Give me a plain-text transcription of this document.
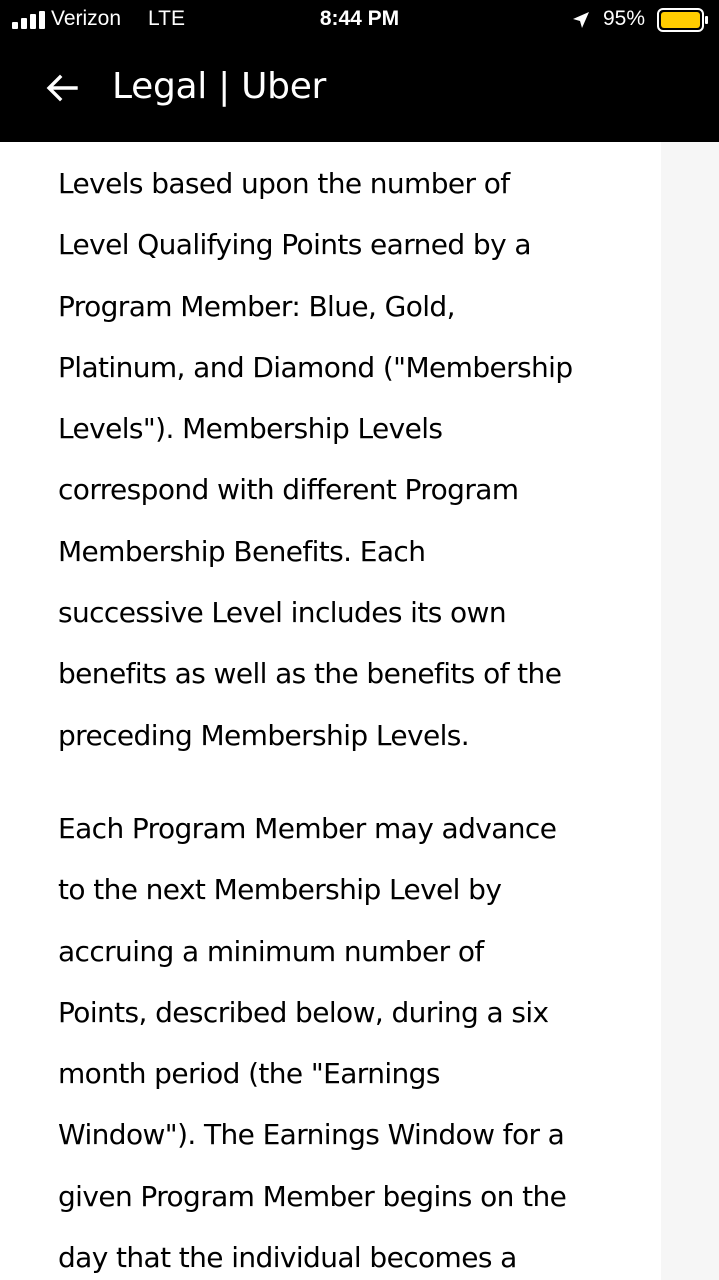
Verizon LTE	8:44 PM	95%
Legal | Uber

Levels based upon the number of
Level Qualifying Points earned by a
Program Member: Blue, Gold,
Platinum, and Diamond ("Membership
Levels"). Membership Levels
correspond with different Program
Membership Benefits. Each
successive Level includes its own
benefits as well as the benefits of the
preceding Membership Levels.

Each Program Member may advance
to the next Membership Level by
accruing a minimum number of
Points, described below, during a six
month period (the "Earnings
Window"). The Earnings Window for a
given Program Member begins on the
day that the individual becomes a
